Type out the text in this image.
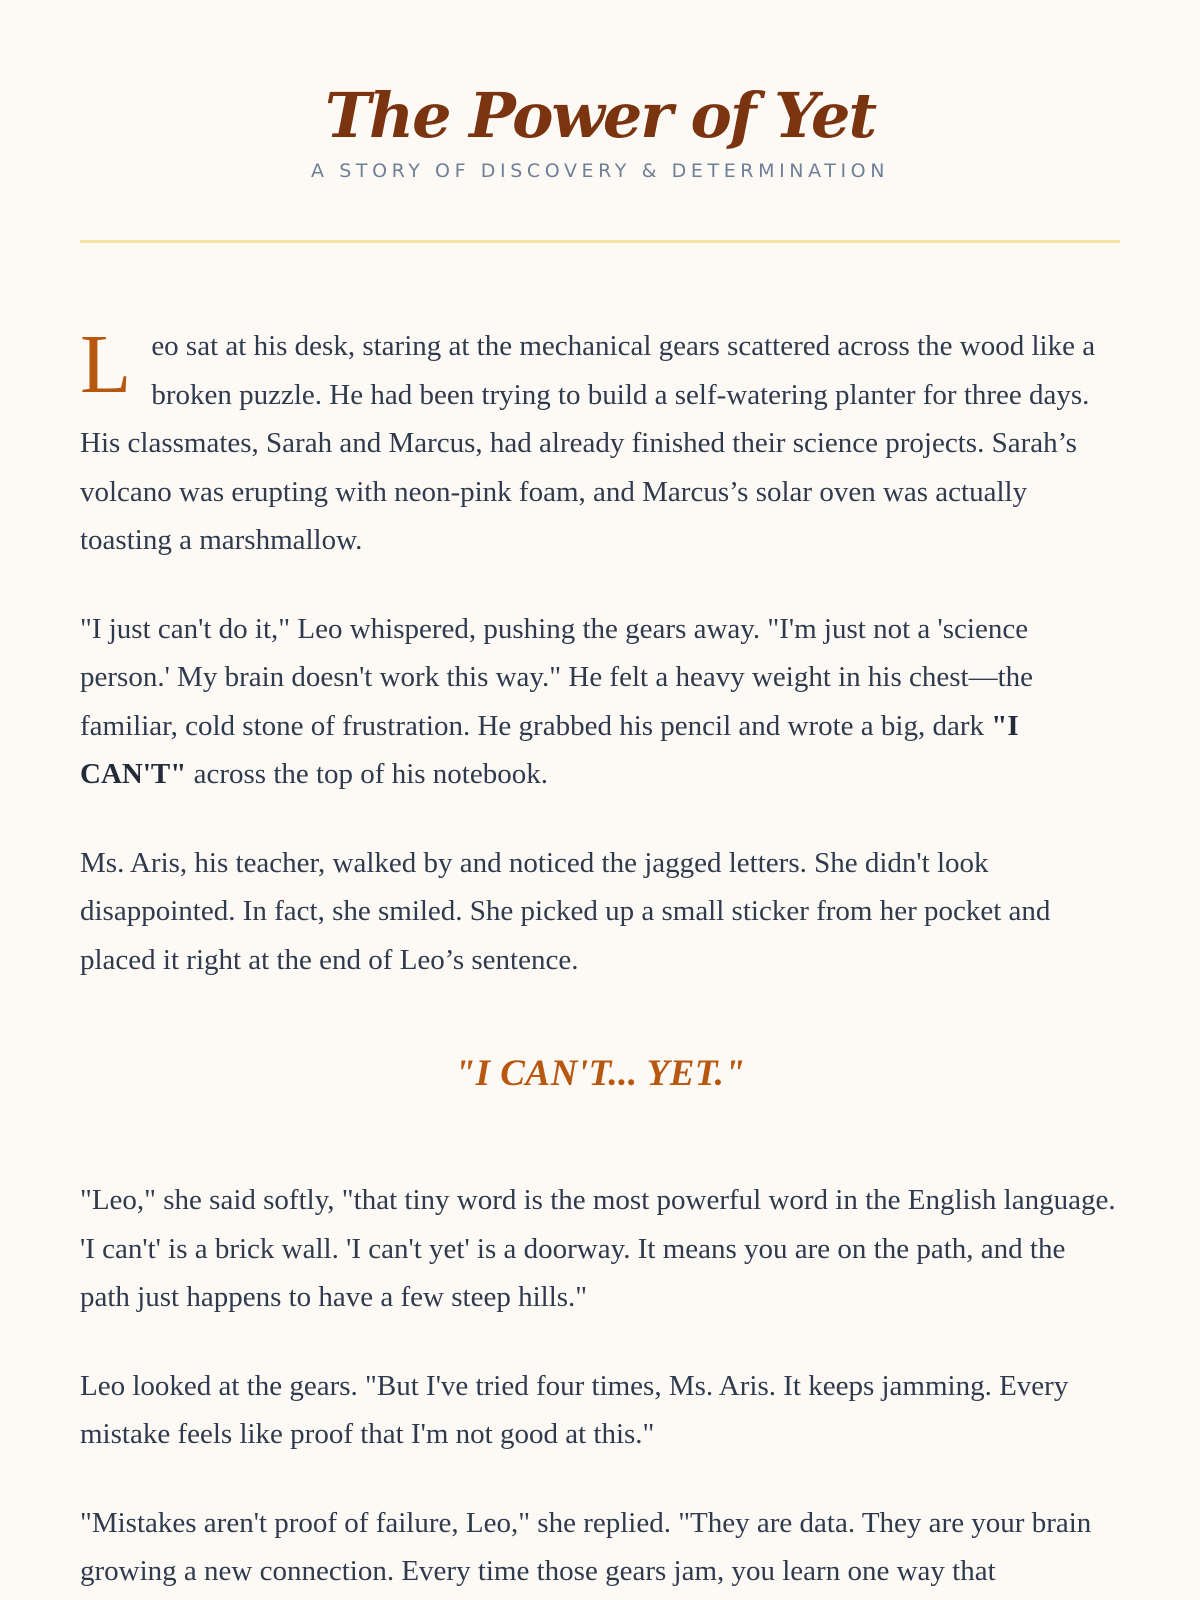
The Power of Yet
A STORY OF DISCOVERY & DETERMINATION

Leo sat at his desk, staring at the mechanical gears scattered across the wood like a broken puzzle. He had been trying to build a self-watering planter for three days. His classmates, Sarah and Marcus, had already finished their science projects. Sarah’s volcano was erupting with neon-pink foam, and Marcus’s solar oven was actually toasting a marshmallow.

"I just can't do it," Leo whispered, pushing the gears away. "I'm just not a 'science person.' My brain doesn't work this way." He felt a heavy weight in his chest—the familiar, cold stone of frustration. He grabbed his pencil and wrote a big, dark "I CAN'T" across the top of his notebook.

Ms. Aris, his teacher, walked by and noticed the jagged letters. She didn't look disappointed. In fact, she smiled. She picked up a small sticker from her pocket and placed it right at the end of Leo’s sentence.

"I CAN'T... YET."

"Leo," she said softly, "that tiny word is the most powerful word in the English language. 'I can't' is a brick wall. 'I can't yet' is a doorway. It means you are on the path, and the path just happens to have a few steep hills."

Leo looked at the gears. "But I've tried four times, Ms. Aris. It keeps jamming. Every mistake feels like proof that I'm not good at this."

"Mistakes aren't proof of failure, Leo," she replied. "They are data. They are your brain growing a new connection. Every time those gears jam, you learn one way that
